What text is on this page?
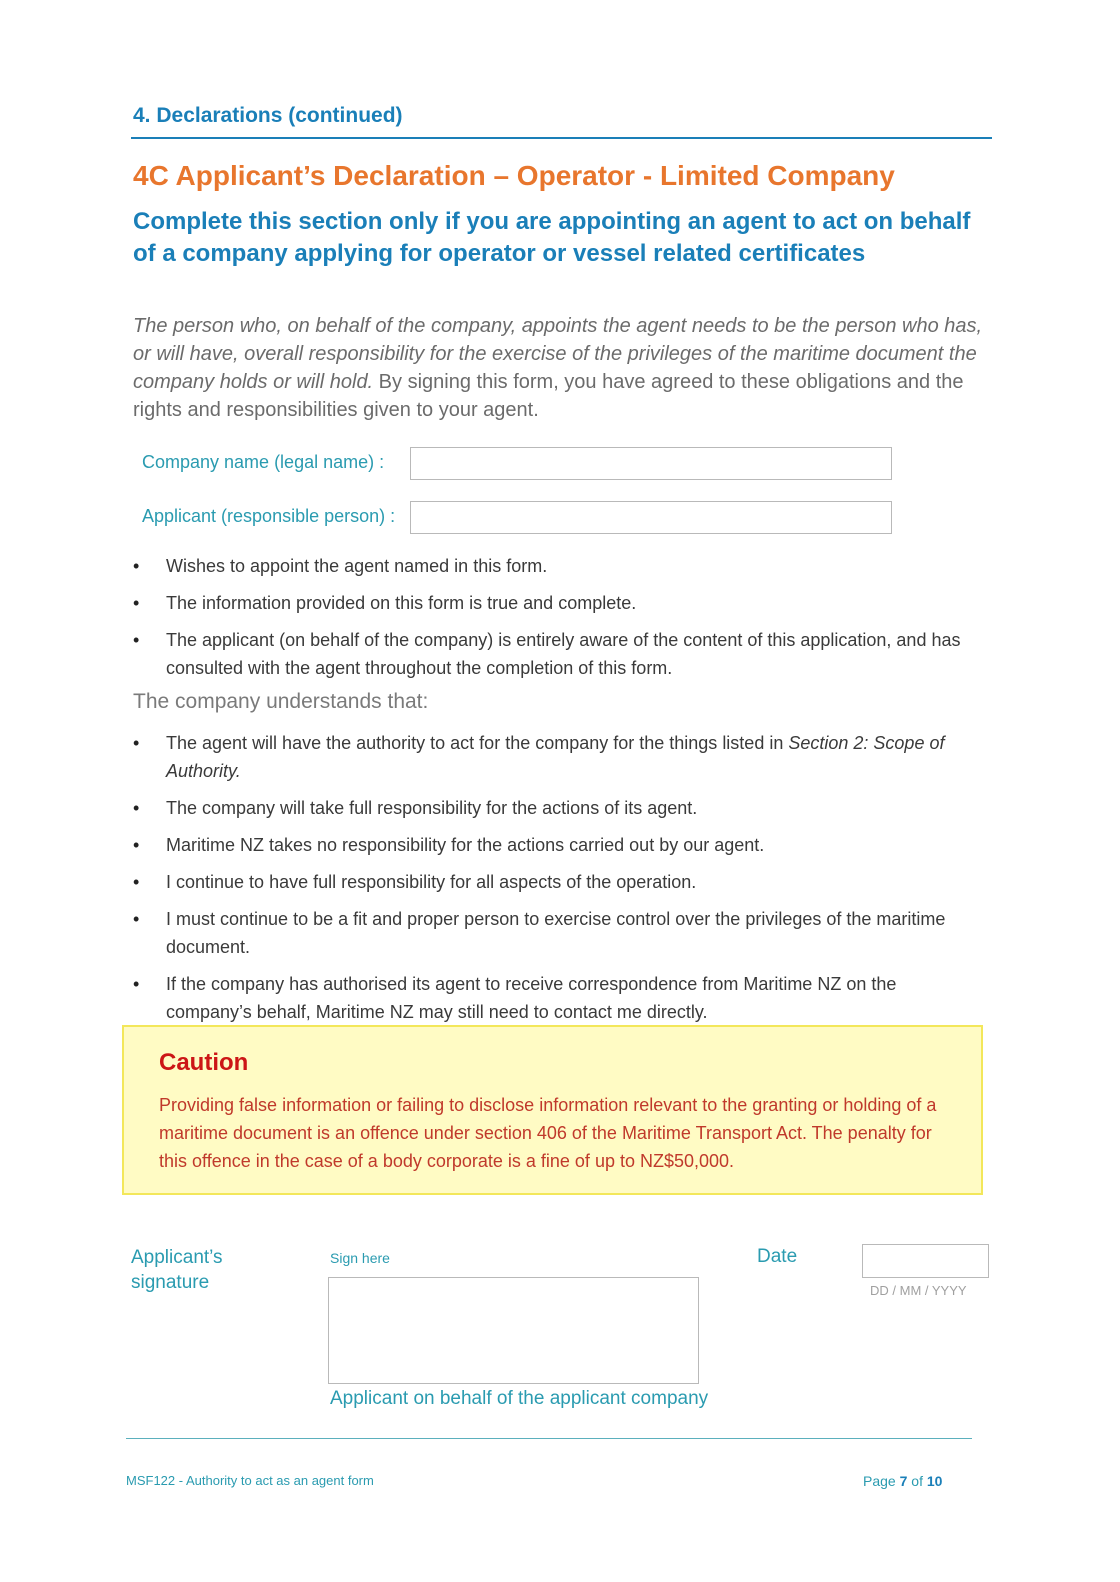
4. Declarations (continued)
4C Applicant’s Declaration – Operator - Limited Company
Complete this section only if you are appointing an agent to act on behalf of a company applying for operator or vessel related certificates
The person who, on behalf of the company, appoints the agent needs to be the person who has, or will have, overall responsibility for the exercise of the privileges of the maritime document the company holds or will hold. By signing this form, you have agreed to these obligations and the rights and responsibilities given to your agent.
Company name (legal name) :
Applicant (responsible person) :
• Wishes to appoint the agent named in this form.
• The information provided on this form is true and complete.
• The applicant (on behalf of the company) is entirely aware of the content of this application, and has consulted with the agent throughout the completion of this form.
The company understands that:
• The agent will have the authority to act for the company for the things listed in Section 2: Scope of Authority.
• The company will take full responsibility for the actions of its agent.
• Maritime NZ takes no responsibility for the actions carried out by our agent.
• I continue to have full responsibility for all aspects of the operation.
• I must continue to be a fit and proper person to exercise control over the privileges of the maritime document.
• If the company has authorised its agent to receive correspondence from Maritime NZ on the company’s behalf, Maritime NZ may still need to contact me directly.
Caution
Providing false information or failing to disclose information relevant to the granting or holding of a maritime document is an offence under section 406 of the Maritime Transport Act. The penalty for this offence in the case of a body corporate is a fine of up to NZ$50,000.
Applicant’s
signature
Sign here
Applicant on behalf of the applicant company
Date
DD / MM / YYYY
MSF122 - Authority to act as an agent form	Page 7 of 10
